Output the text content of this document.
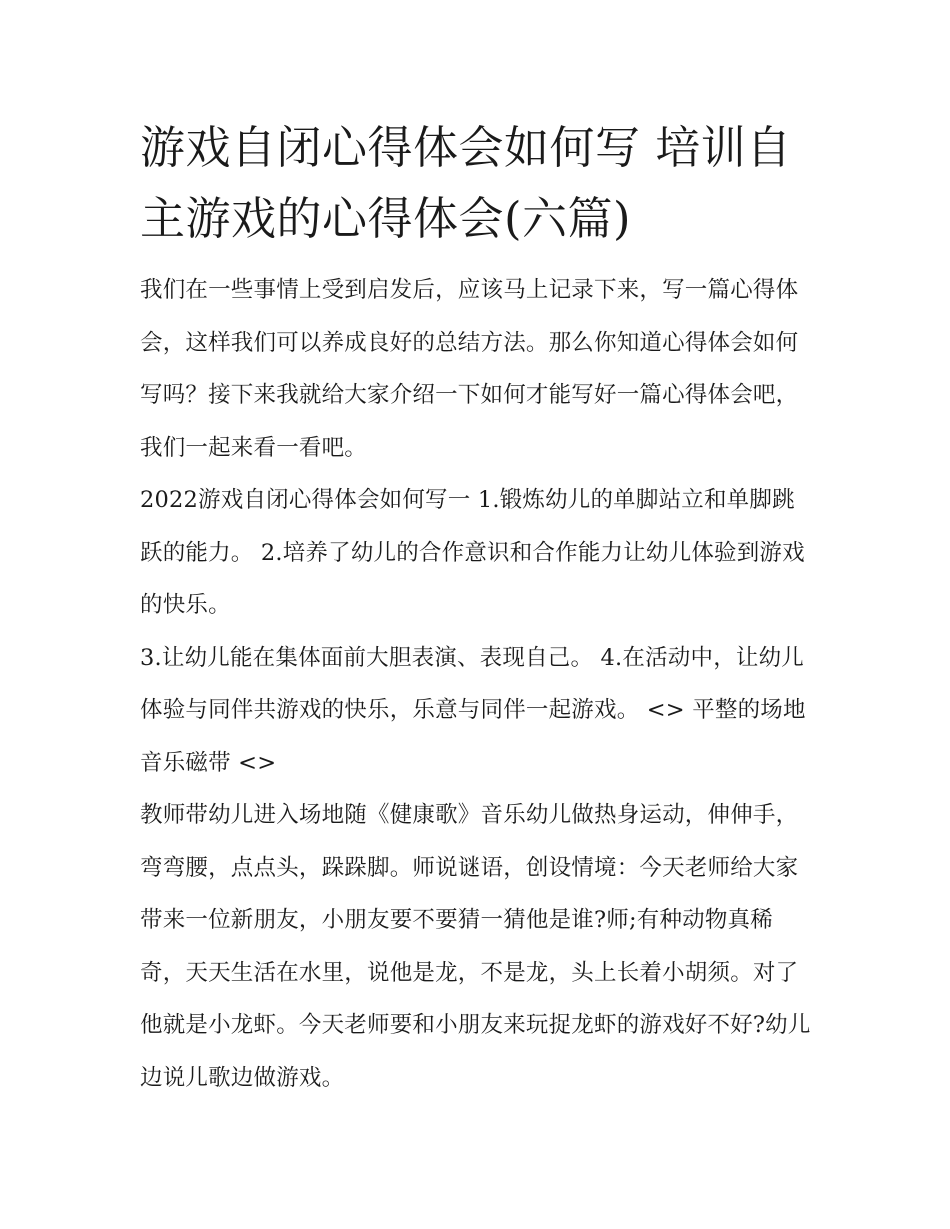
游戏自闭心得体会如何写 培训自主游戏的心得体会(六篇)

我们在一些事情上受到启发后，应该马上记录下来，写一篇心得体会，这样我们可以养成良好的总结方法。那么你知道心得体会如何写吗？接下来我就给大家介绍一下如何才能写好一篇心得体会吧，我们一起来看一看吧。

2022游戏自闭心得体会如何写一 1.锻炼幼儿的单脚站立和单脚跳跃的能力。 2.培养了幼儿的合作意识和合作能力让幼儿体验到游戏的快乐。

3.让幼儿能在集体面前大胆表演、表现自己。 4.在活动中，让幼儿体验与同伴共游戏的快乐，乐意与同伴一起游戏。 <> 平整的场地 音乐磁带 <>

教师带幼儿进入场地随《健康歌》音乐幼儿做热身运动，伸伸手，弯弯腰，点点头，跺跺脚。师说谜语，创设情境：今天老师给大家带来一位新朋友，小朋友要不要猜一猜他是谁?师;有种动物真稀奇，天天生活在水里，说他是龙，不是龙，头上长着小胡须。对了他就是小龙虾。今天老师要和小朋友来玩捉龙虾的游戏好不好?幼儿边说儿歌边做游戏。
